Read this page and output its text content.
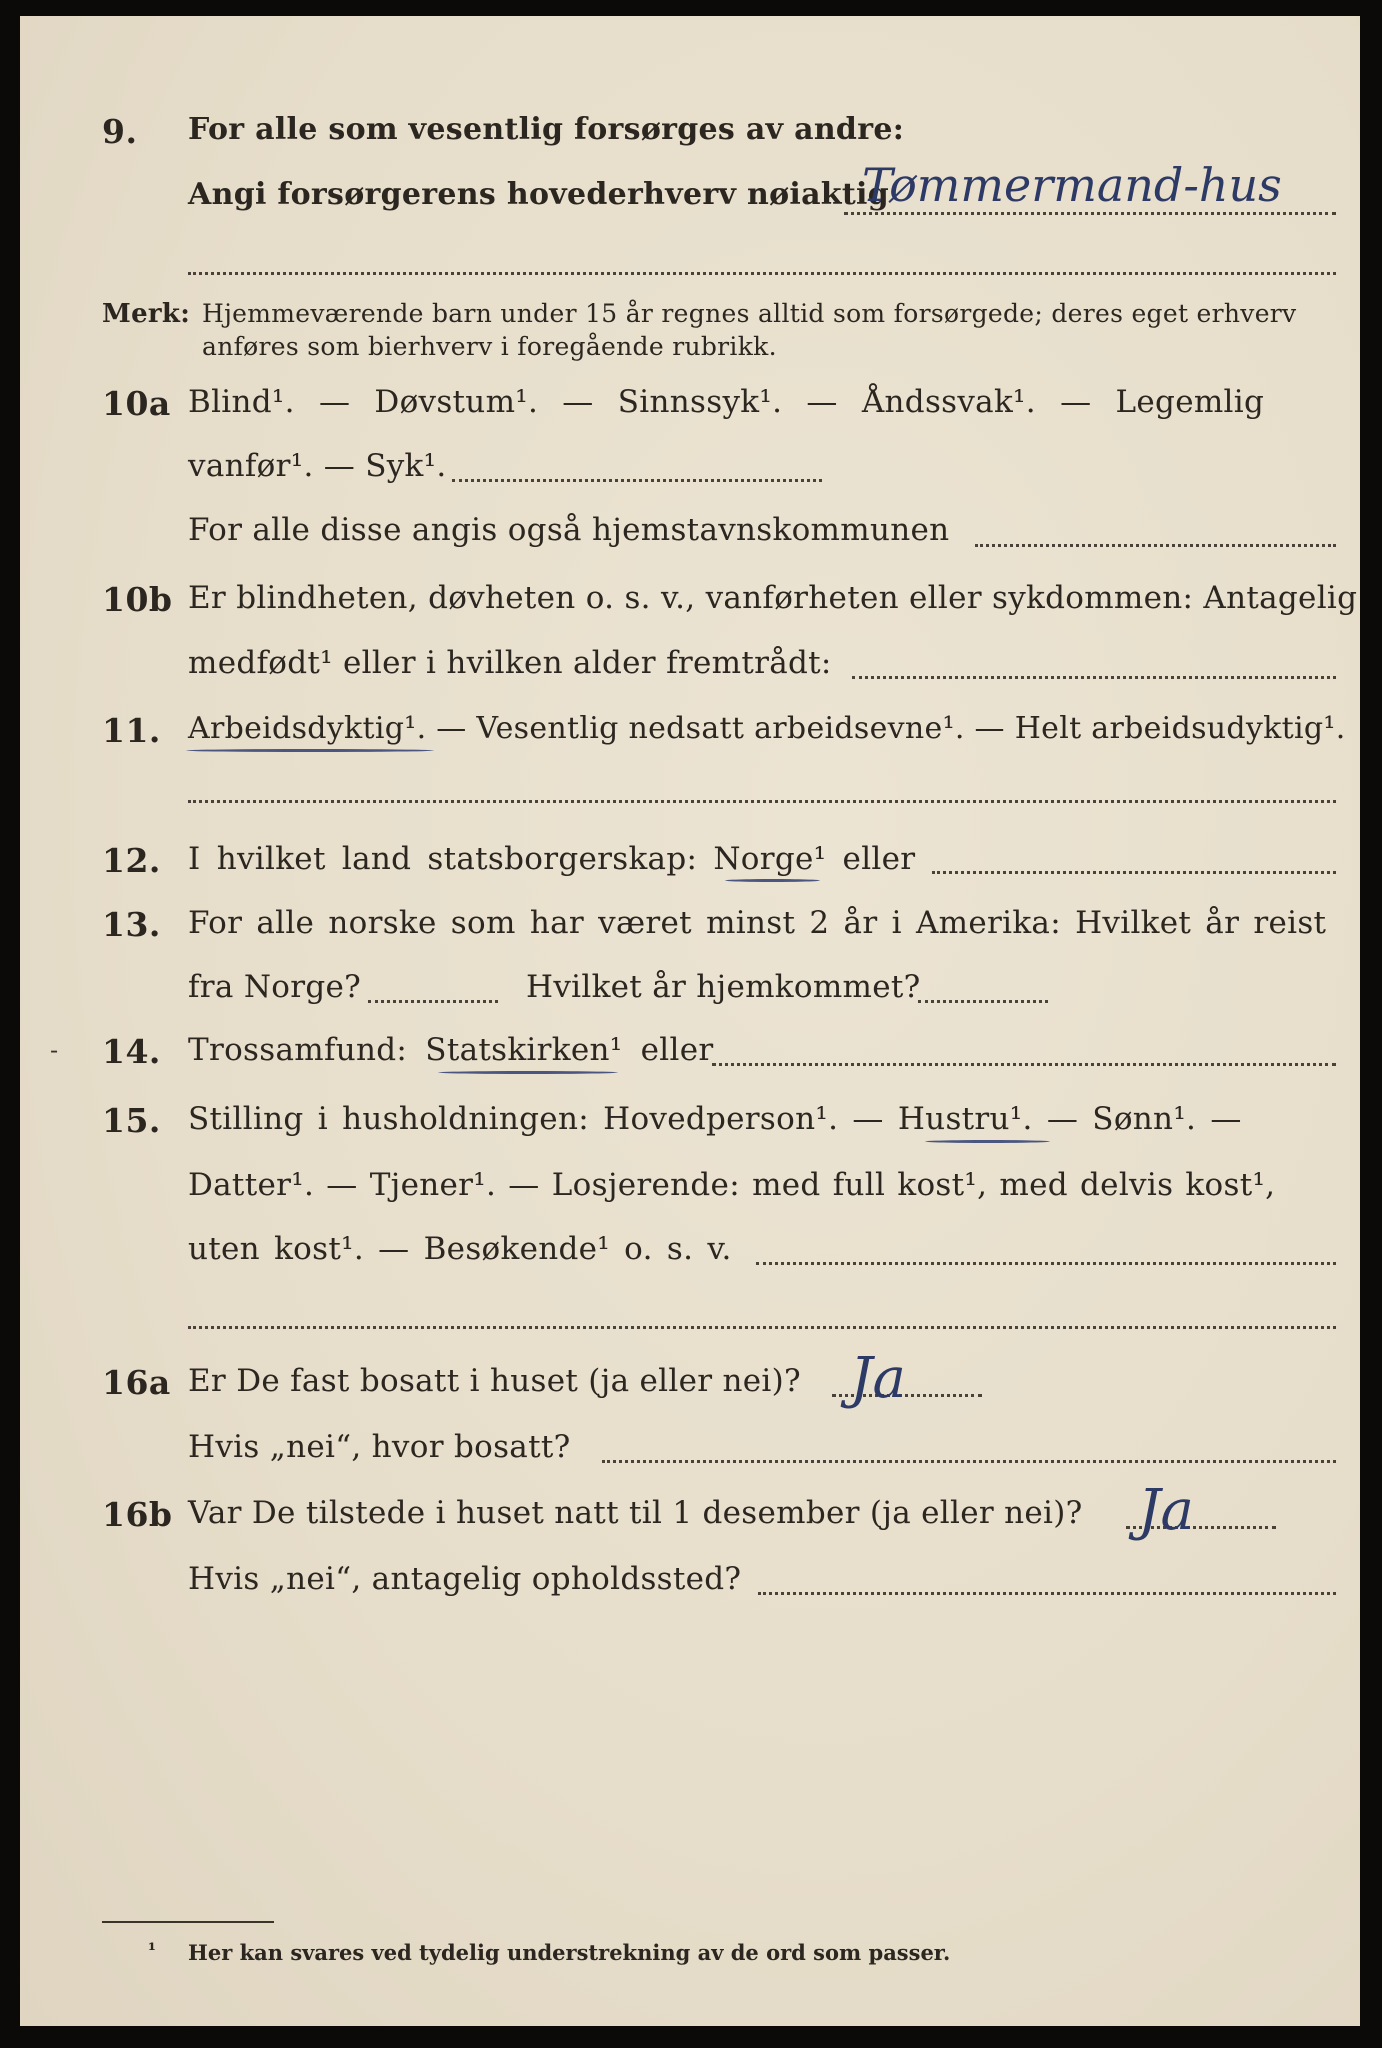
9. For alle som vesentlig forsørges av andre:
Angi forsørgerens hovederhverv nøiaktig
Tømmermand-hus
Merk: Hjemmeværende barn under 15 år regnes alltid som forsørgede; deres eget erhverv
anføres som bierhverv i foregående rubrikk.
10a Blind¹. — Døvstum¹. — Sinnssyk¹. — Åndssvak¹. — Legemlig
vanfør¹. — Syk¹.
For alle disse angis også hjemstavnskommunen
10b Er blindheten, døvheten o. s. v., vanførheten eller sykdommen: Antagelig
medfødt¹ eller i hvilken alder fremtrådt:
11. Arbeidsdyktig¹. — Vesentlig nedsatt arbeidsevne¹. — Helt arbeidsudyktig¹.
12. I hvilket land statsborgerskap: Norge¹ eller
13. For alle norske som har været minst 2 år i Amerika: Hvilket år reist
fra Norge?	Hvilket år hjemkommet?
- 14. Trossamfund: Statskirken¹ eller
15. Stilling i husholdningen: Hovedperson¹. — Hustru¹. — Sønn¹. —
Datter¹. — Tjener¹. — Losjerende: med full kost¹, med delvis kost¹,
uten kost¹. — Besøkende¹ o. s. v.
16a Er De fast bosatt i huset (ja eller nei)? Ja
Hvis „nei“, hvor bosatt?
16b Var De tilstede i huset natt til 1 desember (ja eller nei)? Ja
Hvis „nei“, antagelig opholdssted?
¹ Her kan svares ved tydelig understrekning av de ord som passer.
